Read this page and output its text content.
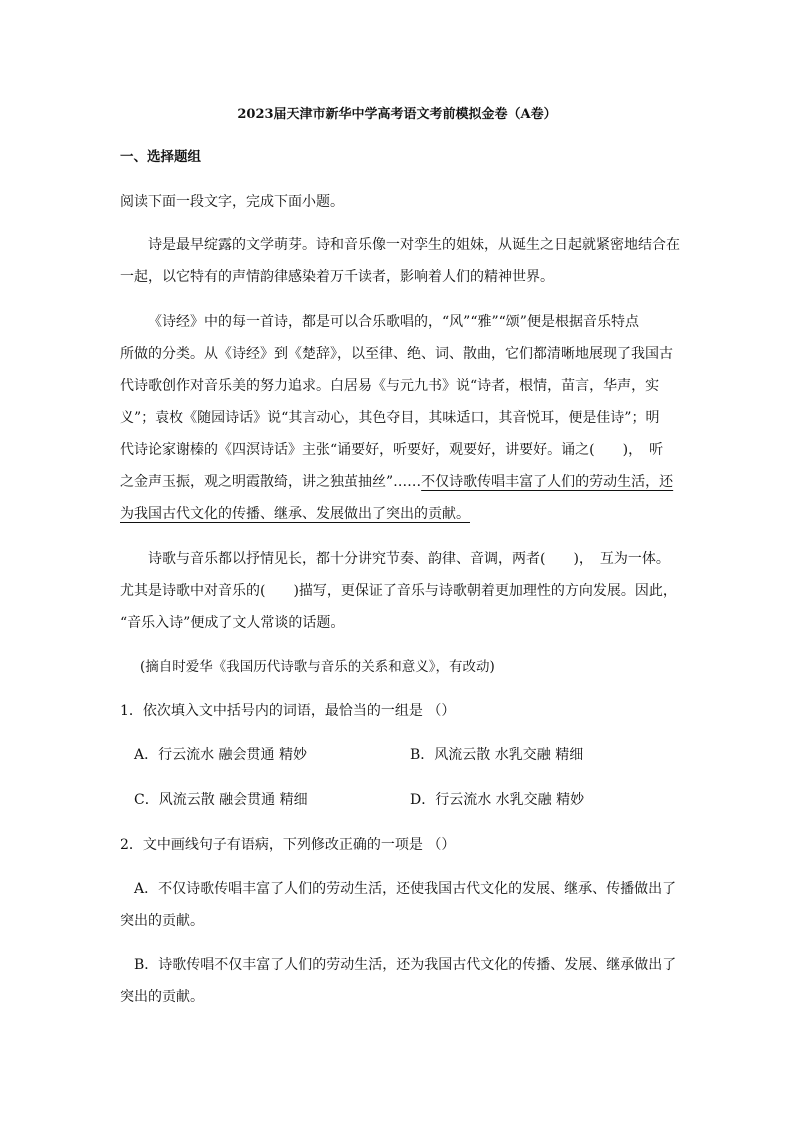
2023届天津市新华中学高考语文考前模拟金卷（A卷）
一、选择题组
阅读下面一段文字，完成下面小题。
诗是最早绽露的文学萌芽。诗和音乐像一对孪生的姐妹，从诞生之日起就紧密地结合在
一起，以它特有的声情韵律感染着万千读者，影响着人们的精神世界。
《诗经》中的每一首诗，都是可以合乐歌唱的，“风”“雅”“颂”便是根据音乐特点
所做的分类。从《诗经》到《楚辞》，以至律、绝、词、散曲，它们都清晰地展现了我国古
代诗歌创作对音乐美的努力追求。白居易《与元九书》说“诗者，根情，苗言，华声，实
义”；袁枚《随园诗话》说“其言动心，其色夺目，其味适口，其音悦耳，便是佳诗”；明
代诗论家谢榛的《四溟诗话》主张“诵要好，听要好，观要好，讲要好。诵之(　　)，　听
之金声玉振，观之明霞散绮，讲之独茧抽丝”……不仅诗歌传唱丰富了人们的劳动生活，还
为我国古代文化的传播、继承、发展做出了突出的贡献。
诗歌与音乐都以抒情见长，都十分讲究节奏、韵律、音调，两者(　　)，　互为一体。
尤其是诗歌中对音乐的(　　)描写，更保证了音乐与诗歌朝着更加理性的方向发展。因此，
“音乐入诗”便成了文人常谈的话题。
(摘自时爱华《我国历代诗歌与音乐的关系和意义》，有改动)
1．依次填入文中括号内的词语，最恰当的一组是 （）
A．行云流水 融会贯通 精妙	B．风流云散 水乳交融 精细
C．风流云散 融会贯通 精细	D．行云流水 水乳交融 精妙
2．文中画线句子有语病，下列修改正确的一项是 （）
A．不仅诗歌传唱丰富了人们的劳动生活，还使我国古代文化的发展、继承、传播做出了
突出的贡献。
B．诗歌传唱不仅丰富了人们的劳动生活，还为我国古代文化的传播、发展、继承做出了
突出的贡献。
